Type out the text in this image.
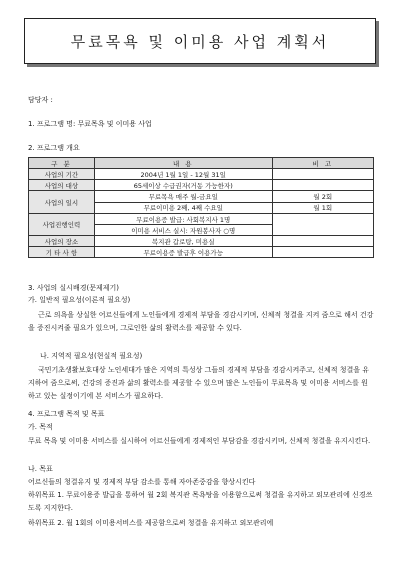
무료목욕 및 이미용 사업 계획서
담당자 :
1. 프로그램 명: 무료목욕 및 이미용 사업
2. 프로그램 개요
구 분	내 용	비 고
사업의 기간	2004년 1월 1일 - 12월 31일	
사업의 대상	65세이상 수급권자(거동 가능한자)	
사업의 일시	무료목욕 매주 월-금요일	월 2회
	무료이미용 2째, 4째 수요일	월 1회
사업진행인력	무료이용증 발급: 사회복지사 1명	
	이미용 서비스 실시: 자원봉사자 ○명	
사업의 장소	복지관 갑로탕, 미용실	
기 타 사 항	무료이용증 발급후 이용가능	
3. 사업의 실시배경(문제제기)
가. 일반적 필요성(이론적 필요성)
근로 의욕을 상실한 어르신들에게 노인들에게 경제적 부담을 경감시키며, 신체적 청결을 지켜 줌으로 해서 건강을 증진시켜줄 필요가 있으며, 그로인한 삶의 활력소를 제공할 수 있다.
나. 지역적 필요성(현실적 필요성)
국민기초생활보호대상 노인세대가 많은 지역의 특성상 그들의 경제적 부담을 경감시켜주고, 신체적 청결을 유지하여 줌으로써, 건강의 증진과 삶의 활력소를 제공할 수 있으며 많은 노인들이 무료목욕 및 이미용 서비스를 원하고 있는 실정이기에 본 서비스가 필요하다.
4. 프로그램 목적 및 목표
가. 목적
무료 목욕 및 이미용 서비스를 실시하여 어르신들에게 경제적인 부담감을 경감시키며, 신체적 청결을 유지시킨다.
나. 목표
어르신들의 청결유지 및 경제적 부담 감소를 통해 자아존중감을 향상시킨다
하위목표 1. 무료이용증 발급을 통하여 월 2회 복지관 목욕탕을 이용함으로써 청결을 유지하고 외모관리에 신경쓰도록 지지한다.
하위목표 2. 월 1회의 이미용서비스를 제공함으로써 청결을 유지하고 외모관리에
